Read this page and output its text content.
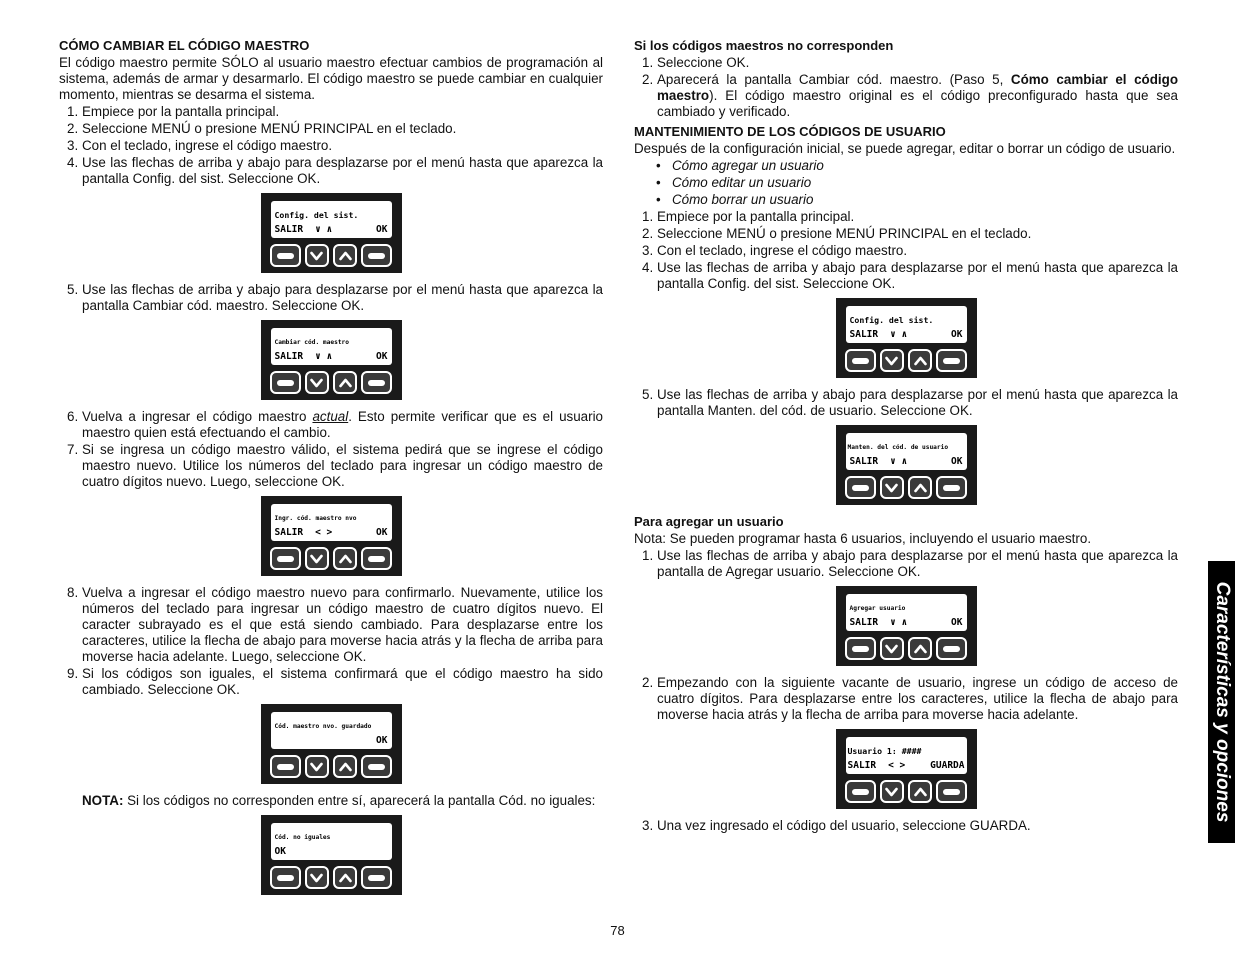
CÓMO CAMBIAR EL CÓDIGO MAESTRO

El código maestro permite SÓLO al usuario maestro efectuar cambios de programación al sistema, además de armar y desarmarlo. El código maestro se puede cambiar en cualquier momento, mientras se desarma el sistema.

1. Empiece por la pantalla principal.
2. Seleccione MENÚ o presione MENÚ PRINCIPAL en el teclado.
3. Con el teclado, ingrese el código maestro.
4. Use las flechas de arriba y abajo para desplazarse por el menú hasta que aparezca la pantalla Config. del sist. Seleccione OK.
Config. del sist.
SALIR ∨ ∧	OK
5. Use las flechas de arriba y abajo para desplazarse por el menú hasta que aparezca la pantalla Cambiar cód. maestro. Seleccione OK.
Cambiar cód. maestro
SALIR ∨ ∧	OK
6. Vuelva a ingresar el código maestro actual. Esto permite verificar que es el usuario maestro quien está efectuando el cambio.
7. Si se ingresa un código maestro válido, el sistema pedirá que se ingrese el código maestro nuevo. Utilice los números del teclado para ingresar un código maestro de cuatro dígitos nuevo. Luego, seleccione OK.
Ingr. cód. maestro nvo
SALIR < >	OK
8. Vuelva a ingresar el código maestro nuevo para confirmarlo. Nuevamente, utilice los números del teclado para ingresar un código maestro de cuatro dígitos nuevo. El caracter subrayado es el que está siendo cambiado. Para desplazarse entre los caracteres, utilice la flecha de abajo para moverse hacia atrás y la flecha de arriba para moverse hacia adelante. Luego, seleccione OK.
9. Si los códigos son iguales, el sistema confirmará que el código maestro ha sido cambiado. Seleccione OK.
Cód. maestro nvo. guardado
OK

NOTA: Si los códigos no corresponden entre sí, aparecerá la pantalla Cód. no iguales:

Cód. no iguales
OK
Si los códigos maestros no corresponden
1. Seleccione OK.
2. Aparecerá la pantalla Cambiar cód. maestro. (Paso 5, Cómo cambiar el código maestro). El código maestro original es el código preconfigurado hasta que sea cambiado y verificado.
MANTENIMIENTO DE LOS CÓDIGOS DE USUARIO

Después de la configuración inicial, se puede agregar, editar o borrar un código de usuario.

• Cómo agregar un usuario
• Cómo editar un usuario
• Cómo borrar un usuario
1. Empiece por la pantalla principal.
2. Seleccione MENÚ o presione MENÚ PRINCIPAL en el teclado.
3. Con el teclado, ingrese el código maestro.
4. Use las flechas de arriba y abajo para desplazarse por el menú hasta que aparezca la pantalla Config. del sist. Seleccione OK.
Config. del sist.
SALIR ∨ ∧	OK
5. Use las flechas de arriba y abajo para desplazarse por el menú hasta que aparezca la pantalla Manten. del cód. de usuario. Seleccione OK.
Manten. del cód. de usuario
SALIR ∨ ∧	OK
Para agregar un usuario

Nota: Se pueden programar hasta 6 usuarios, incluyendo el usuario maestro.

1. Use las flechas de arriba y abajo para desplazarse por el menú hasta que aparezca la pantalla de Agregar usuario. Seleccione OK.
Agregar usuario
SALIR ∨ ∧	OK
2. Empezando con la siguiente vacante de usuario, ingrese un código de acceso de cuatro dígitos. Para desplazarse entre los caracteres, utilice la flecha de abajo para moverse hacia atrás y la flecha de arriba para moverse hacia adelante.
Usuario 1: ####
SALIR < >	GUARDA
3. Una vez ingresado el código del usuario, seleccione GUARDA.
Características y opciones
78
